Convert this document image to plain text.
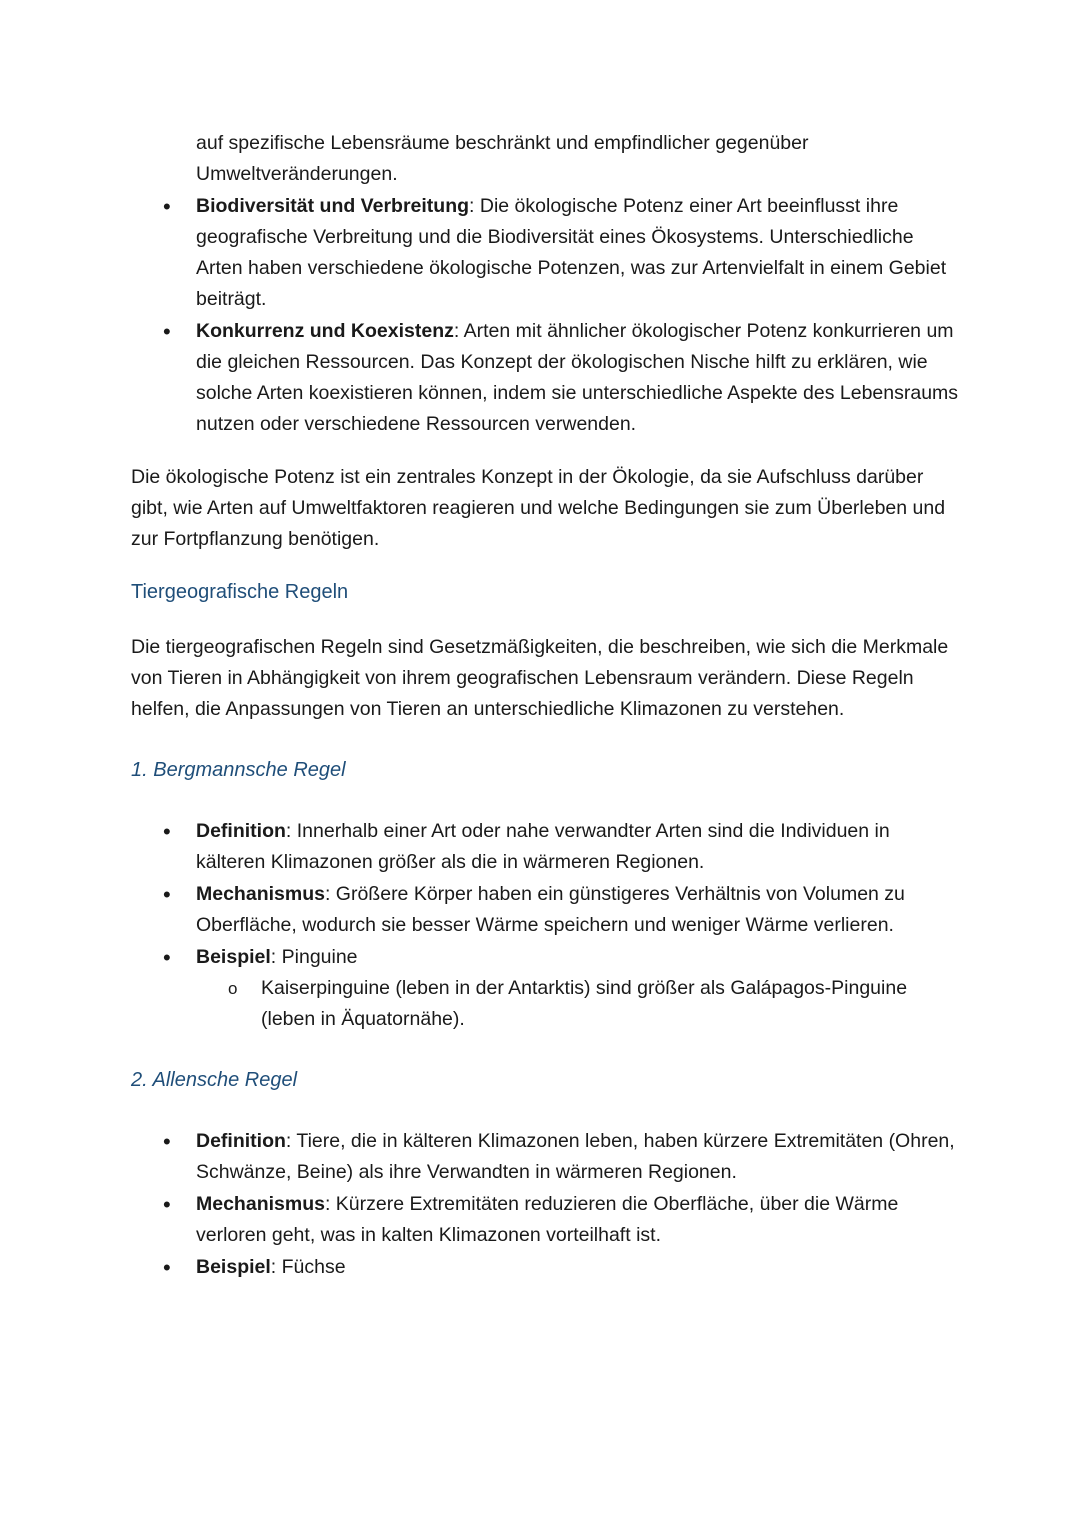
auf spezifische Lebensräume beschränkt und empfindlicher gegenüber Umweltveränderungen.
• Biodiversität und Verbreitung: Die ökologische Potenz einer Art beeinflusst ihre geografische Verbreitung und die Biodiversität eines Ökosystems. Unterschiedliche Arten haben verschiedene ökologische Potenzen, was zur Artenvielfalt in einem Gebiet beiträgt.
• Konkurrenz und Koexistenz: Arten mit ähnlicher ökologischer Potenz konkurrieren um die gleichen Ressourcen. Das Konzept der ökologischen Nische hilft zu erklären, wie solche Arten koexistieren können, indem sie unterschiedliche Aspekte des Lebensraums nutzen oder verschiedene Ressourcen verwenden.

Die ökologische Potenz ist ein zentrales Konzept in der Ökologie, da sie Aufschluss darüber gibt, wie Arten auf Umweltfaktoren reagieren und welche Bedingungen sie zum Überleben und zur Fortpflanzung benötigen.

Tiergeografische Regeln

Die tiergeografischen Regeln sind Gesetzmäßigkeiten, die beschreiben, wie sich die Merkmale von Tieren in Abhängigkeit von ihrem geografischen Lebensraum verändern. Diese Regeln helfen, die Anpassungen von Tieren an unterschiedliche Klimazonen zu verstehen.

1. Bergmannsche Regel
• Definition: Innerhalb einer Art oder nahe verwandter Arten sind die Individuen in kälteren Klimazonen größer als die in wärmeren Regionen.
• Mechanismus: Größere Körper haben ein günstigeres Verhältnis von Volumen zu Oberfläche, wodurch sie besser Wärme speichern und weniger Wärme verlieren.
• Beispiel: Pinguine
o Kaiserpinguine (leben in der Antarktis) sind größer als Galápagos-Pinguine (leben in Äquatornähe).
2. Allensche Regel
• Definition: Tiere, die in kälteren Klimazonen leben, haben kürzere Extremitäten (Ohren, Schwänze, Beine) als ihre Verwandten in wärmeren Regionen.
• Mechanismus: Kürzere Extremitäten reduzieren die Oberfläche, über die Wärme verloren geht, was in kalten Klimazonen vorteilhaft ist.
• Beispiel: Füchse
